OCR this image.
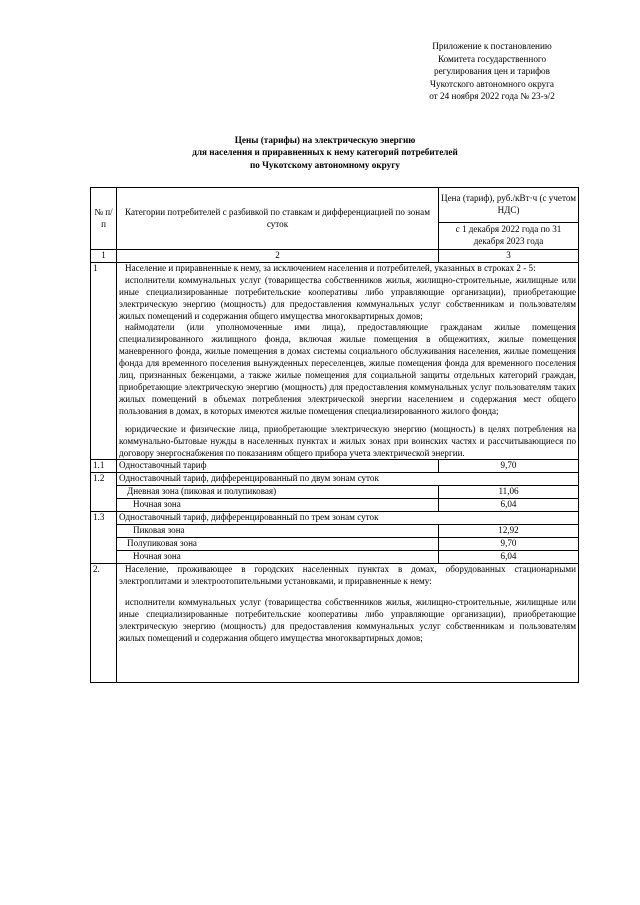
Приложение к постановлению
Комитета государственного
регулирования цен и тарифов
Чукотского автономного округа
от 24 ноября 2022 года № 23-э/2
Цены (тарифы) на электрическую энергию
для населения и приравненных к нему категорий потребителей
по Чукотскому автономному округу
№ п/п	Категории потребителей с разбивкой по ставкам и дифференциацией по зонам суток	Цена (тариф), руб./кВт·ч (с учетом НДС)
		с 1 декабря 2022 года по 31 декабря 2023 года
1	2	3
1	Население и приравненные к нему, за исключением населения и потребителей, указанных в строках 2 - 5:
исполнители коммунальных услуг (товарищества собственников жилья, жилищно-строительные, жилищные или иные специализированные потребительские кооперативы либо управляющие организации), приобретающие электрическую энергию (мощность) для предоставления коммунальных услуг собственникам и пользователям жилых помещений и содержания общего имущества многоквартирных домов;
наймодатели (или уполномоченные ими лица), предоставляющие гражданам жилые помещения специализированного жилищного фонда, включая жилые помещения в общежитиях, жилые помещения маневренного фонда, жилые помещения в домах системы социального обслуживания населения, жилые помещения фонда для временного поселения вынужденных переселенцев, жилые помещения фонда для временного поселения лиц, признанных беженцами, а также жилые помещения для социальной защиты отдельных категорий граждан, приобретающие электрическую энергию (мощность) для предоставления коммунальных услуг пользователям таких жилых помещений в объемах потребления электрической энергии населением и содержания мест общего пользования в домах, в которых имеются жилые помещения специализированного жилого фонда;
юридические и физические лица, приобретающие электрическую энергию (мощность) в целях потребления на коммунально-бытовые нужды в населенных пунктах и жилых зонах при воинских частях и рассчитывающиеся по договору энергоснабжения по показаниям общего прибора учета электрической энергии.	

1.1	Одноставочный тариф	9,70
1.2	Одноставочный тариф, дифференцированный по двум зонам суток	
	Дневная зона (пиковая и полупиковая)	11,06
	Ночная зона	6,04
1.3	Одноставочный тариф, дифференцированный по трем зонам суток	
	Пиковая зона	12,92
	Полупиковая зона	9,70
	Ночная зона	6,04
2.	Население, проживающее в городских населенных пунктах в домах, оборудованных стационарными электроплитами и электроотопительными установками, и приравненные к нему:
исполнители коммунальных услуг (товарищества собственников жилья, жилищно-строительные, жилищные или иные специализированные потребительские кооперативы либо управляющие организации), приобретающие электрическую энергию (мощность) для предоставления коммунальных услуг собственникам и пользователям жилых помещений и содержания общего имущества многоквартирных домов;	
